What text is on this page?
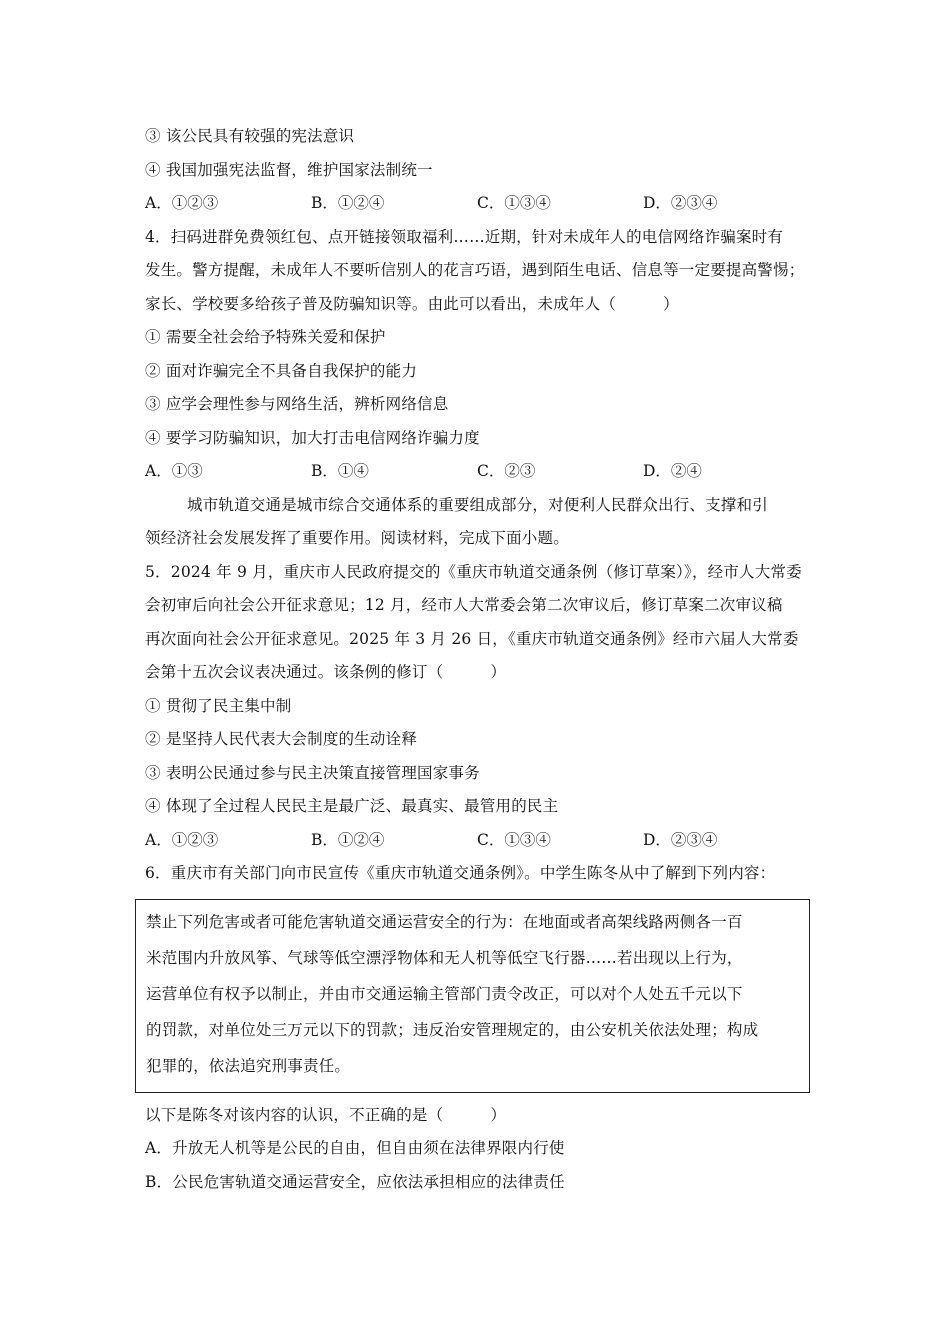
③ 该公民具有较强的宪法意识
④ 我国加强宪法监督，维护国家法制统一
A．①②③	B．①②④	C．①③④	D．②③④
4．扫码进群免费领红包、点开链接领取福利……近期，针对未成年人的电信网络诈骗案时有
发生。警方提醒，未成年人不要听信别人的花言巧语，遇到陌生电话、信息等一定要提高警惕；
家长、学校要多给孩子普及防骗知识等。由此可以看出，未成年人（　　　）
① 需要全社会给予特殊关爱和保护
② 面对诈骗完全不具备自我保护的能力
③ 应学会理性参与网络生活，辨析网络信息
④ 要学习防骗知识，加大打击电信网络诈骗力度
A．①③	B．①④	C．②③	D．②④
城市轨道交通是城市综合交通体系的重要组成部分，对便利人民群众出行、支撑和引
领经济社会发展发挥了重要作用。阅读材料，完成下面小题。
5．2024 年 9 月，重庆市人民政府提交的《重庆市轨道交通条例（修订草案）》，经市人大常委
会初审后向社会公开征求意见；12 月，经市人大常委会第二次审议后，修订草案二次审议稿
再次面向社会公开征求意见。2025 年 3 月 26 日，《重庆市轨道交通条例》经市六届人大常委
会第十五次会议表决通过。该条例的修订（　　　）
① 贯彻了民主集中制
② 是坚持人民代表大会制度的生动诠释
③ 表明公民通过参与民主决策直接管理国家事务
④ 体现了全过程人民民主是最广泛、最真实、最管用的民主
A．①②③	B．①②④	C．①③④	D．②③④
6．重庆市有关部门向市民宣传《重庆市轨道交通条例》。中学生陈冬从中了解到下列内容：
禁止下列危害或者可能危害轨道交通运营安全的行为：在地面或者高架线路两侧各一百
米范围内升放风筝、气球等低空漂浮物体和无人机等低空飞行器……若出现以上行为，
运营单位有权予以制止，并由市交通运输主管部门责令改正，可以对个人处五千元以下
的罚款，对单位处三万元以下的罚款；违反治安管理规定的，由公安机关依法处理；构成
犯罪的，依法追究刑事责任。
以下是陈冬对该内容的认识，不正确的是（　　　）
A．升放无人机等是公民的自由，但自由须在法律界限内行使
B．公民危害轨道交通运营安全，应依法承担相应的法律责任
